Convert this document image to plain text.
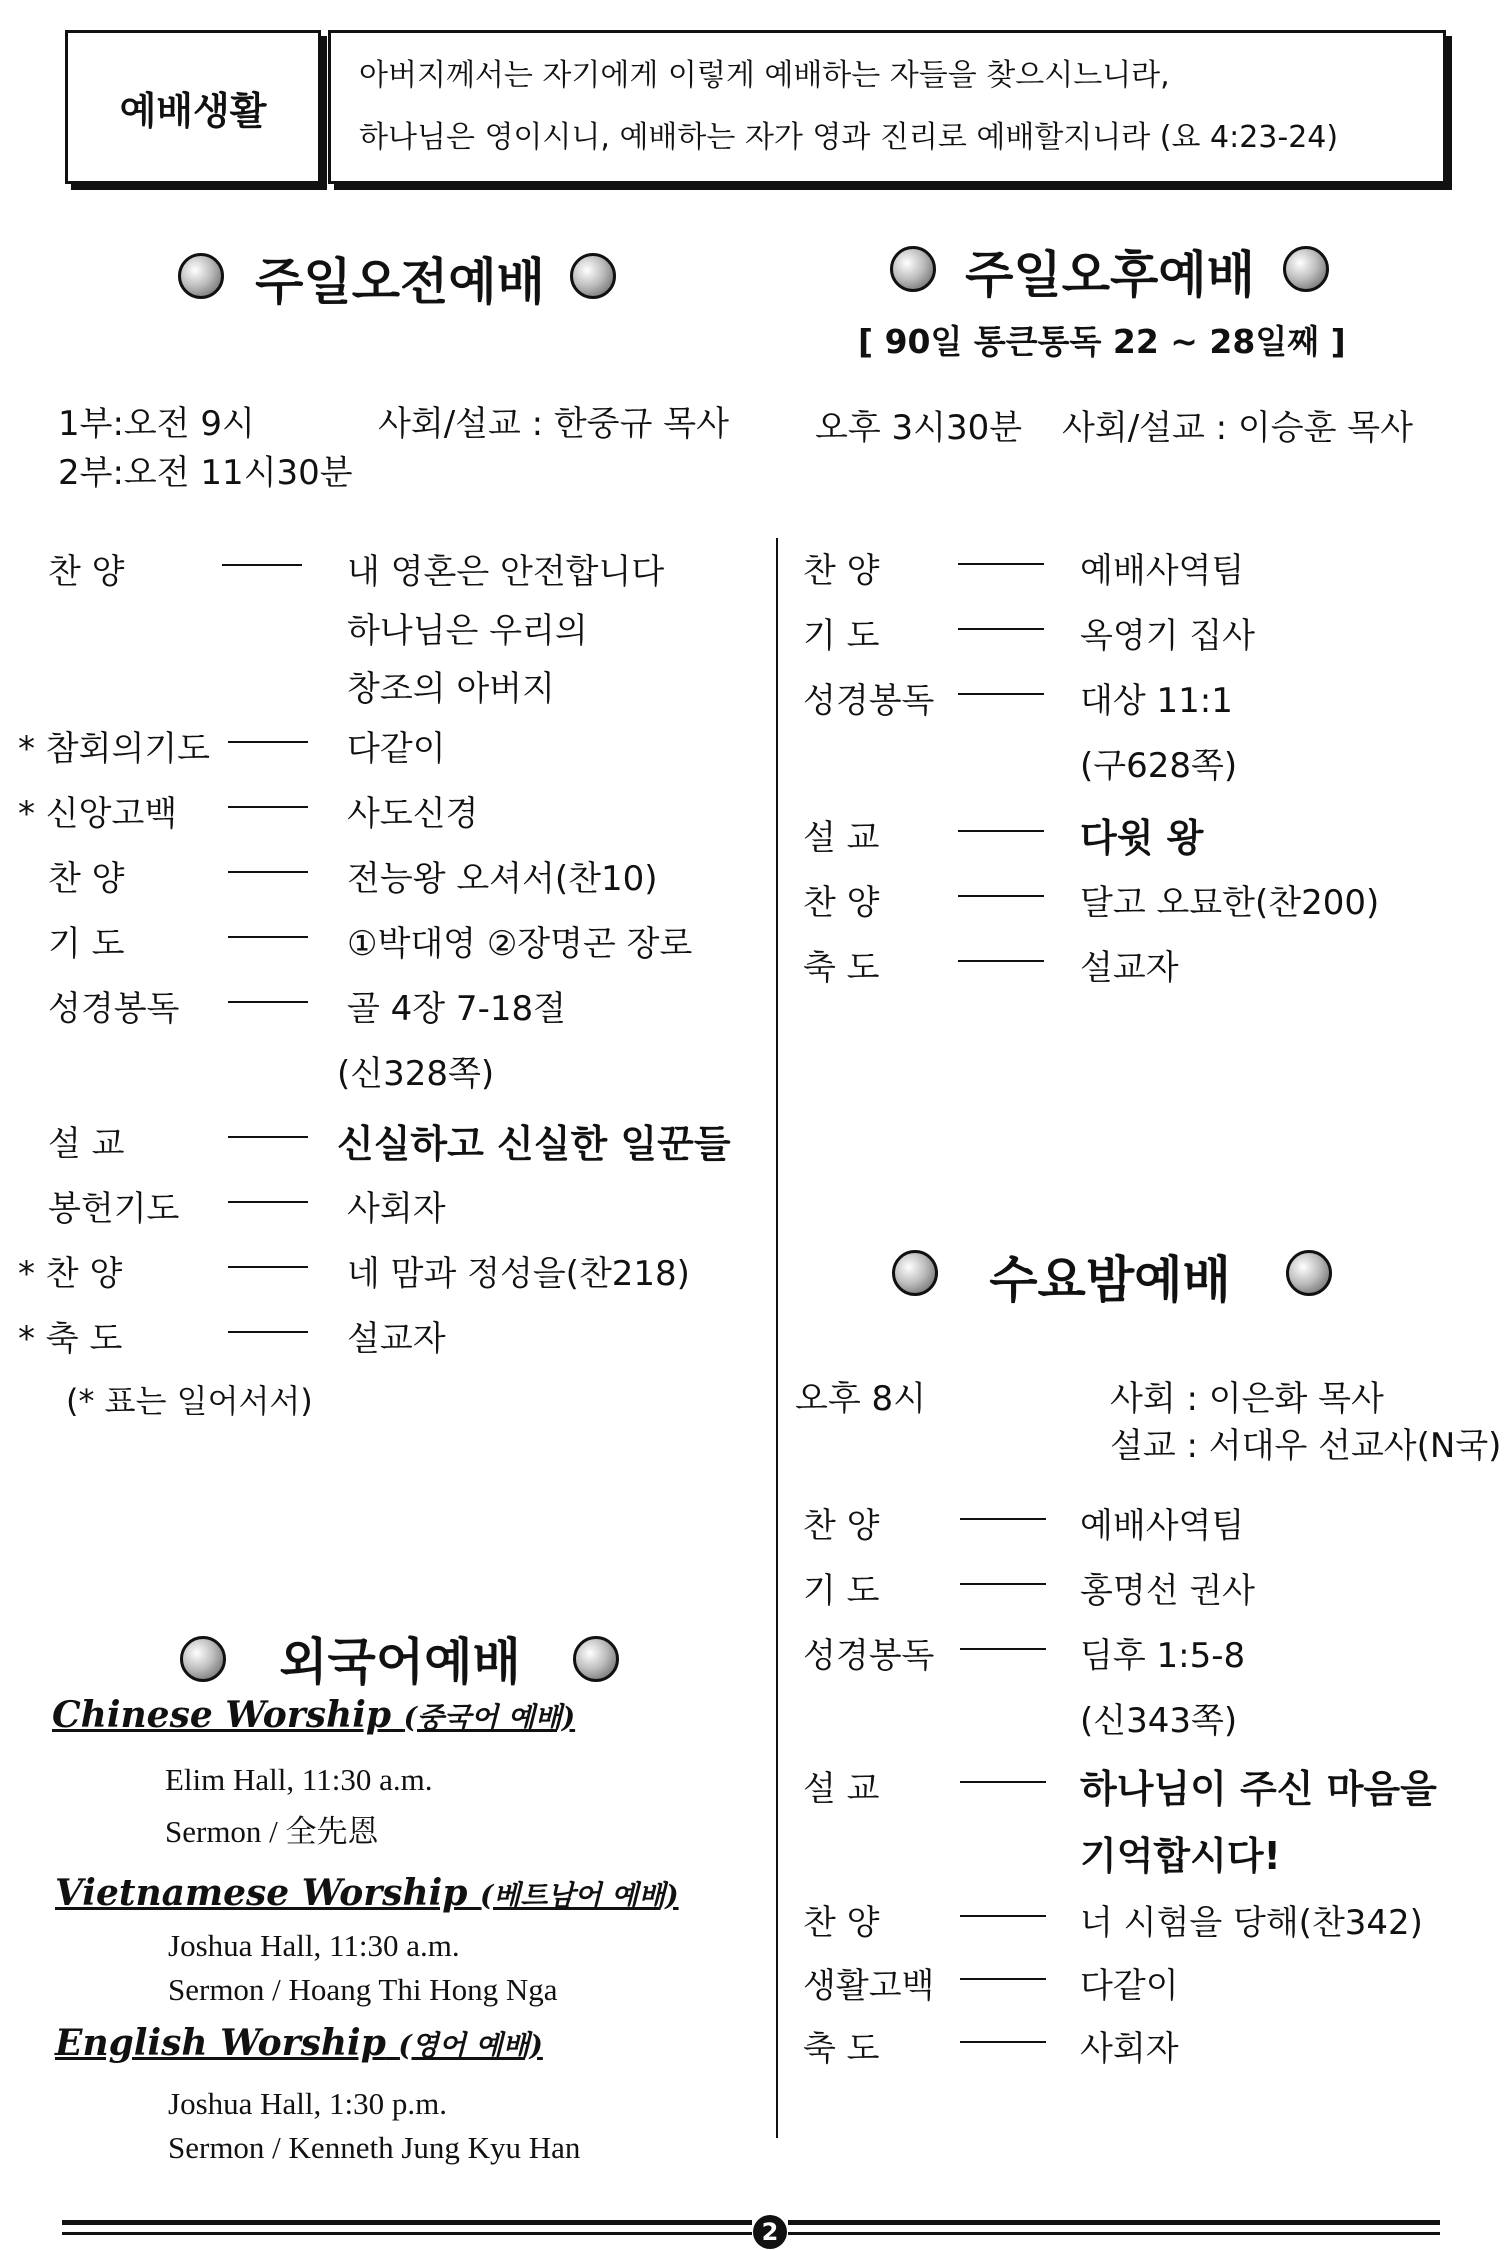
예배생활
아버지께서는 자기에게 이렇게 예배하는 자들을 찾으시느니라,
하나님은 영이시니, 예배하는 자가 영과 진리로 예배할지니라 (요 4:23-24)
주일오전예배	주일오후예배
[ 90일 통큰통독 22 ~ 28일째 ]
1부:오전 9시	사회/설교 : 한중규 목사
2부:오전 11시30분
오후 3시30분 사회/설교 : 이승훈 목사
찬 양	내 영혼은 안전합니다
하나님은 우리의
창조의 아버지
* 참회의기도	다같이
* 신앙고백	사도신경
찬 양	전능왕 오셔서(찬10)
기 도	①박대영 ②장명곤 장로
성경봉독	골 4장 7-18절
(신328쪽)
설 교	신실하고 신실한 일꾼들
봉헌기도	사회자
* 찬 양	네 맘과 정성을(찬218)
* 축 도	설교자
(* 표는 일어서서)
찬 양	예배사역팀
기 도	옥영기 집사
성경봉독	대상 11:1
(구628쪽)
설 교	다윗 왕
찬 양	달고 오묘한(찬200)
축 도	설교자
수요밤예배
오후 8시	사회 : 이은화 목사
설교 : 서대우 선교사(N국)
찬 양	예배사역팀
기 도	홍명선 권사
성경봉독	딤후 1:5-8
(신343쪽)
설 교	하나님이 주신 마음을
기억합시다!
찬 양	너 시험을 당해(찬342)
생활고백	다같이
축 도	사회자
외국어예배
Chinese Worship (중국어 예배)
Elim Hall, 11:30 a.m.
Sermon / 全先恩
Vietnamese Worship (베트남어 예배)
Joshua Hall, 11:30 a.m.
Sermon / Hoang Thi Hong Nga
English Worship (영어 예배)
Joshua Hall, 1:30 p.m.
Sermon / Kenneth Jung Kyu Han
2
